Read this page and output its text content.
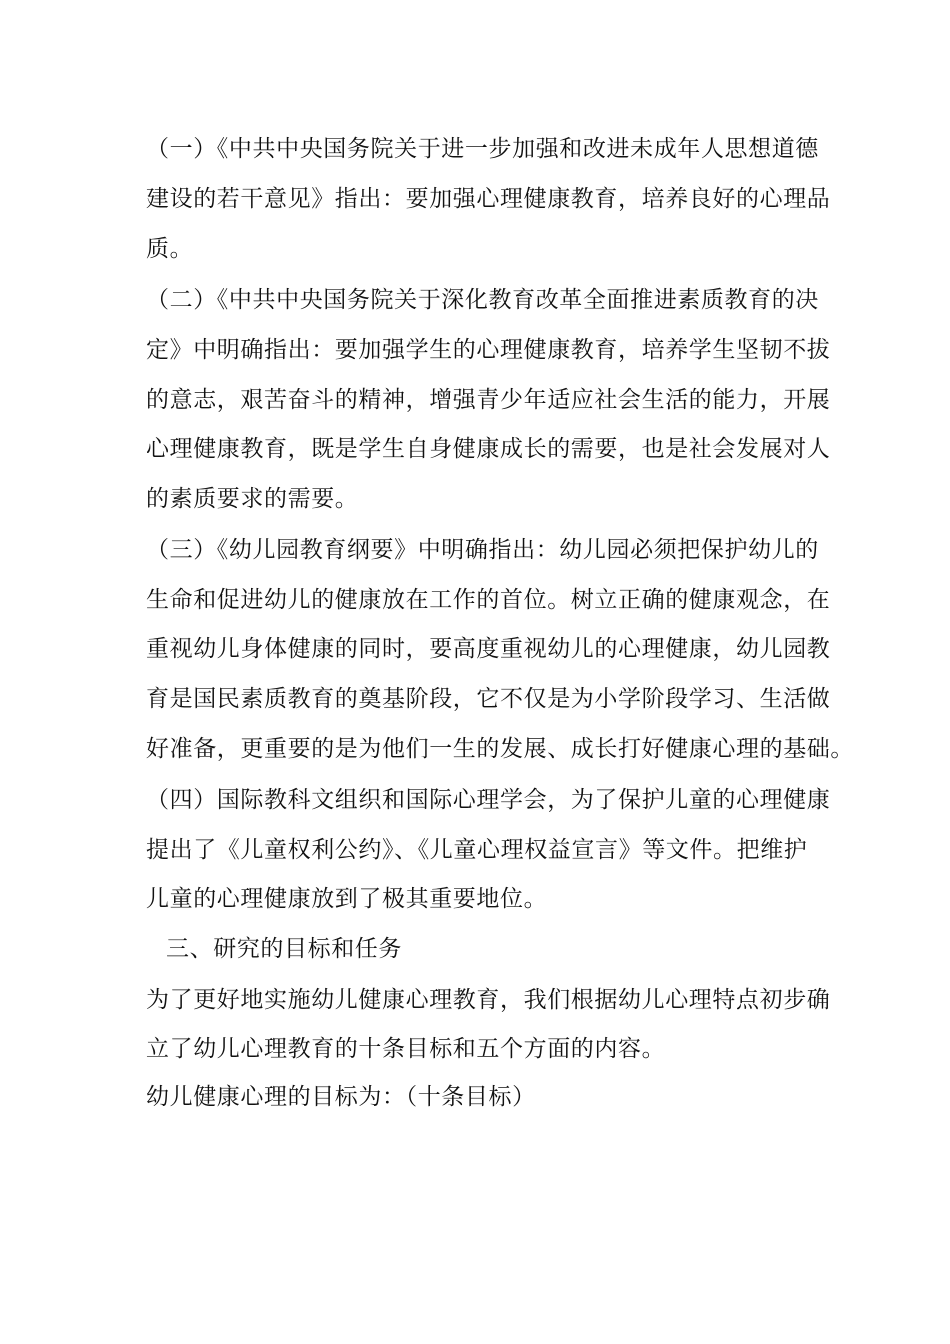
（一）《中共中央国务院关于进一步加强和改进未成年人思想道德
建设的若干意见》指出：要加强心理健康教育，培养良好的心理品
质。
（二）《中共中央国务院关于深化教育改革全面推进素质教育的决
定》中明确指出：要加强学生的心理健康教育，培养学生坚韧不拔
的意志，艰苦奋斗的精神，增强青少年适应社会生活的能力，开展
心理健康教育，既是学生自身健康成长的需要，也是社会发展对人
的素质要求的需要。
（三）《幼儿园教育纲要》中明确指出：幼儿园必须把保护幼儿的
生命和促进幼儿的健康放在工作的首位。树立正确的健康观念，在
重视幼儿身体健康的同时，要高度重视幼儿的心理健康，幼儿园教
育是国民素质教育的奠基阶段，它不仅是为小学阶段学习、生活做
好准备，更重要的是为他们一生的发展、成长打好健康心理的基础。
（四）国际教科文组织和国际心理学会，为了保护儿童的心理健康
提出了《儿童权利公约》、《儿童心理权益宣言》等文件。把维护
儿童的心理健康放到了极其重要地位。
三、研究的目标和任务
为了更好地实施幼儿健康心理教育，我们根据幼儿心理特点初步确
立了幼儿心理教育的十条目标和五个方面的内容。
幼儿健康心理的目标为：（十条目标）
